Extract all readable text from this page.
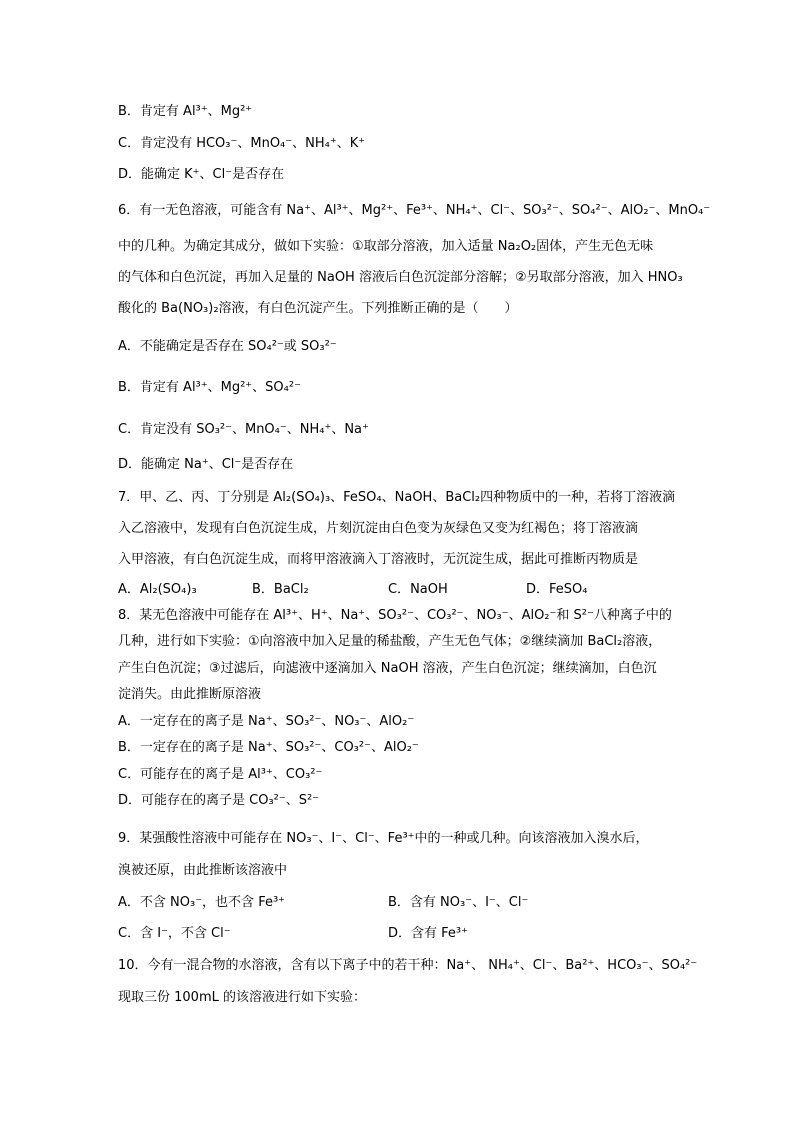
B．肯定有 Al³⁺、Mg²⁺
C．肯定没有 HCO₃⁻、MnO₄⁻、NH₄⁺、K⁺
D．能确定 K⁺、Cl⁻是否存在
6．有一无色溶液，可能含有 Na⁺、Al³⁺、Mg²⁺、Fe³⁺、NH₄⁺、Cl⁻、SO₃²⁻、SO₄²⁻、AlO₂⁻、MnO₄⁻
中的几种。为确定其成分，做如下实验：①取部分溶液，加入适量 Na₂O₂固体，产生无色无味
的气体和白色沉淀，再加入足量的 NaOH 溶液后白色沉淀部分溶解；②另取部分溶液，加入 HNO₃
酸化的 Ba(NO₃)₂溶液，有白色沉淀产生。下列推断正确的是（　　）
A．不能确定是否存在 SO₄²⁻或 SO₃²⁻
B．肯定有 Al³⁺、Mg²⁺、SO₄²⁻
C．肯定没有 SO₃²⁻、MnO₄⁻、NH₄⁺、Na⁺
D．能确定 Na⁺、Cl⁻是否存在
7．甲、乙、丙、丁分别是 Al₂(SO₄)₃、FeSO₄、NaOH、BaCl₂四种物质中的一种，若将丁溶液滴
入乙溶液中，发现有白色沉淀生成，片刻沉淀由白色变为灰绿色又变为红褐色；将丁溶液滴
入甲溶液，有白色沉淀生成，而将甲溶液滴入丁溶液时，无沉淀生成，据此可推断丙物质是
A．Al₂(SO₄)₃	B．BaCl₂	C．NaOH	D．FeSO₄
8．某无色溶液中可能存在 Al³⁺、H⁺、Na⁺、SO₃²⁻、CO₃²⁻、NO₃⁻、AlO₂⁻和 S²⁻八种离子中的
几种，进行如下实验：①向溶液中加入足量的稀盐酸，产生无色气体；②继续滴加 BaCl₂溶液，
产生白色沉淀；③过滤后，向滤液中逐滴加入 NaOH 溶液，产生白色沉淀；继续滴加，白色沉
淀消失。由此推断原溶液
A．一定存在的离子是 Na⁺、SO₃²⁻、NO₃⁻、AlO₂⁻
B．一定存在的离子是 Na⁺、SO₃²⁻、CO₃²⁻、AlO₂⁻
C．可能存在的离子是 Al³⁺、CO₃²⁻
D．可能存在的离子是 CO₃²⁻、S²⁻
9．某强酸性溶液中可能存在 NO₃⁻、I⁻、Cl⁻、Fe³⁺中的一种或几种。向该溶液加入溴水后，
溴被还原，由此推断该溶液中
A．不含 NO₃⁻，也不含 Fe³⁺	B．含有 NO₃⁻、I⁻、Cl⁻
C．含 I⁻，不含 Cl⁻	D．含有 Fe³⁺
10．今有一混合物的水溶液，含有以下离子中的若干种：Na⁺、 NH₄⁺、Cl⁻、Ba²⁺、HCO₃⁻、SO₄²⁻
现取三份 100mL 的该溶液进行如下实验：
